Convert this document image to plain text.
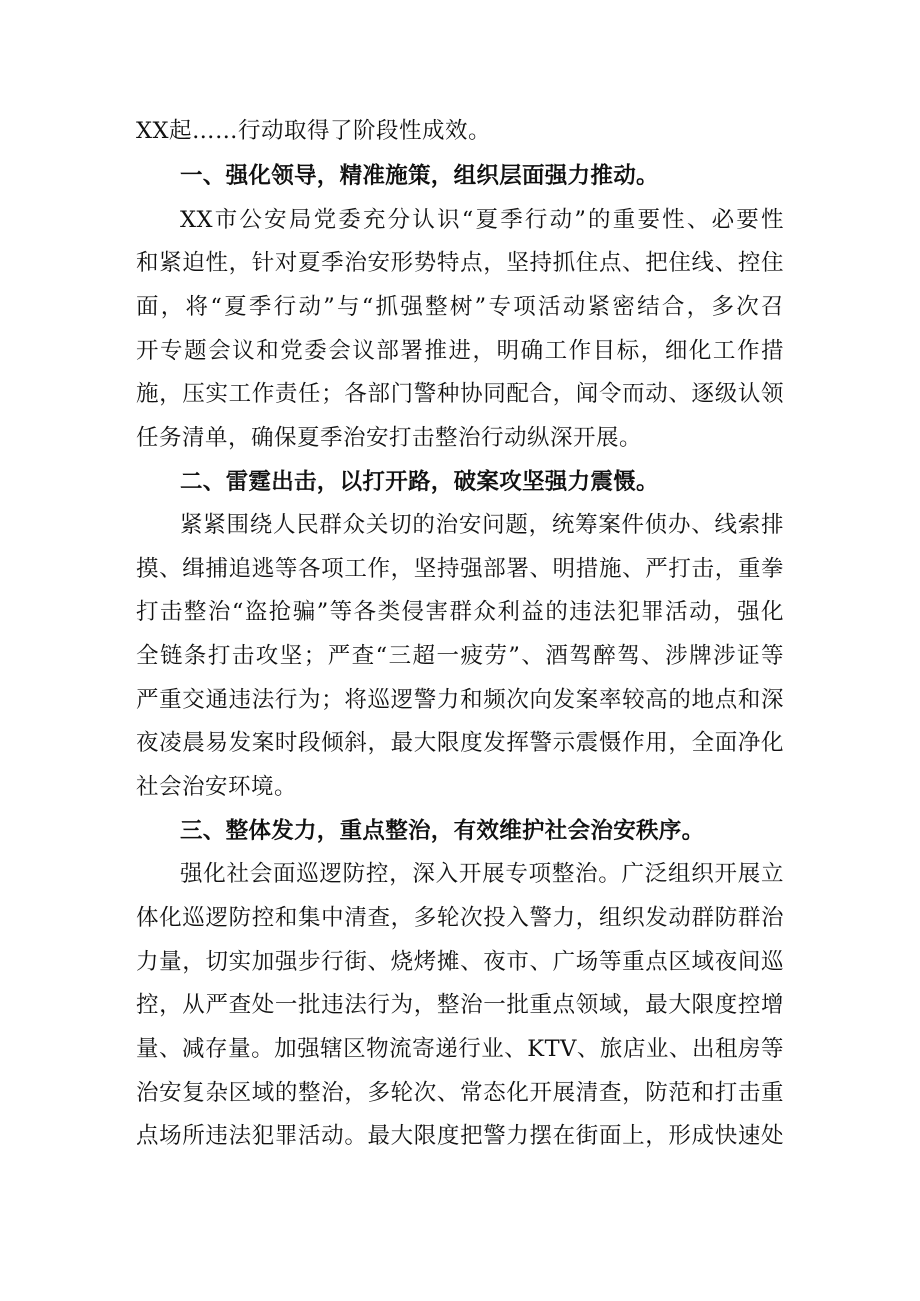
XX起……行动取得了阶段性成效。
一、强化领导，精准施策，组织层面强力推动。
XX市公安局党委充分认识“夏季行动”的重要性、必要性
和紧迫性，针对夏季治安形势特点，坚持抓住点、把住线、控住
面，将“夏季行动”与“抓强整树”专项活动紧密结合，多次召
开专题会议和党委会议部署推进，明确工作目标，细化工作措
施，压实工作责任；各部门警种协同配合，闻令而动、逐级认领
任务清单，确保夏季治安打击整治行动纵深开展。
二、雷霆出击，以打开路，破案攻坚强力震慑。
紧紧围绕人民群众关切的治安问题，统筹案件侦办、线索排
摸、缉捕追逃等各项工作，坚持强部署、明措施、严打击，重拳
打击整治“盗抢骗”等各类侵害群众利益的违法犯罪活动，强化
全链条打击攻坚；严查“三超一疲劳”、酒驾醉驾、涉牌涉证等
严重交通违法行为；将巡逻警力和频次向发案率较高的地点和深
夜凌晨易发案时段倾斜，最大限度发挥警示震慑作用，全面净化
社会治安环境。
三、整体发力，重点整治，有效维护社会治安秩序。
强化社会面巡逻防控，深入开展专项整治。广泛组织开展立
体化巡逻防控和集中清查，多轮次投入警力，组织发动群防群治
力量，切实加强步行街、烧烤摊、夜市、广场等重点区域夜间巡
控，从严查处一批违法行为，整治一批重点领域，最大限度控增
量、减存量。加强辖区物流寄递行业、KTV、旅店业、出租房等
治安复杂区域的整治，多轮次、常态化开展清查，防范和打击重
点场所违法犯罪活动。最大限度把警力摆在街面上，形成快速处
